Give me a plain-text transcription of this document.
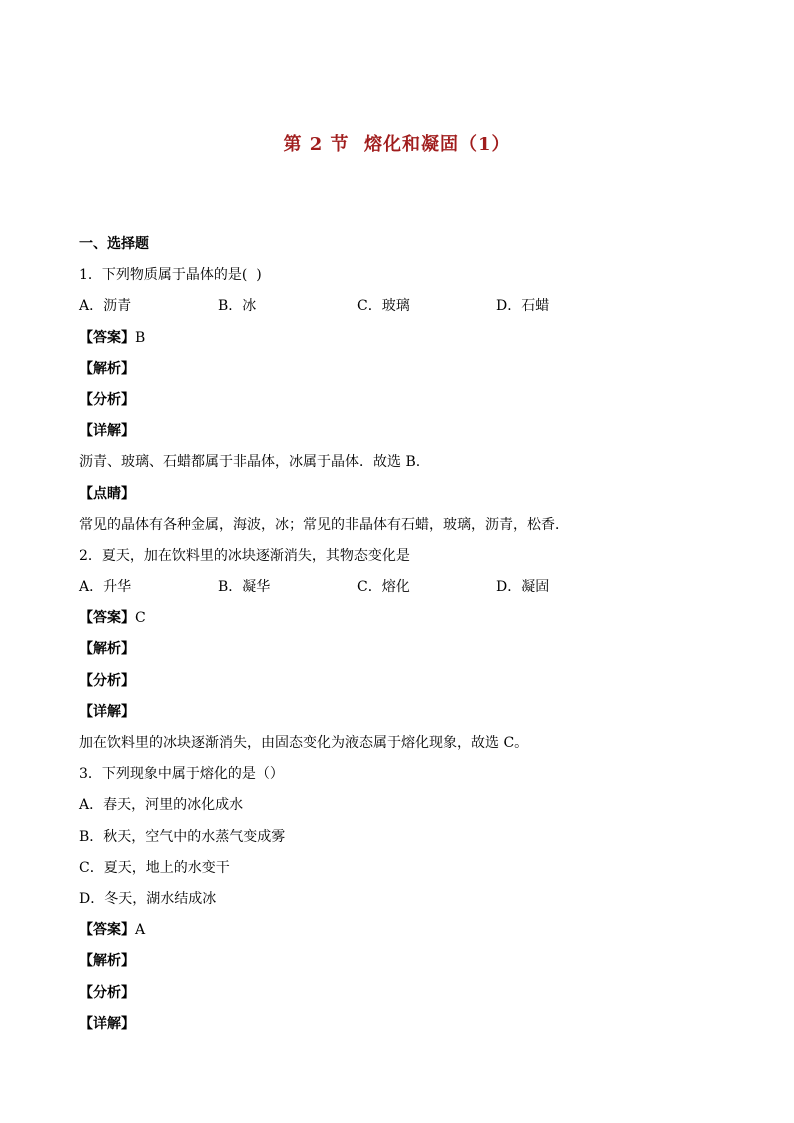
第 2 节  熔化和凝固（1）
一、选择题
1．下列物质属于晶体的是(  )
A．沥青	B．冰	C．玻璃	D．石蜡
【答案】B
【解析】
【分析】
【详解】
沥青、玻璃、石蜡都属于非晶体，冰属于晶体．故选 B.
【点睛】
常见的晶体有各种金属，海波，冰；常见的非晶体有石蜡，玻璃，沥青，松香．
2．夏天，加在饮料里的冰块逐渐消失，其物态变化是
A．升华	B．凝华	C．熔化	D．凝固
【答案】C
【解析】
【分析】
【详解】
加在饮料里的冰块逐渐消失，由固态变化为液态属于熔化现象，故选 C。
3．下列现象中属于熔化的是（）
A．春天，河里的冰化成水
B．秋天，空气中的水蒸气变成雾
C．夏天，地上的水变干
D．冬天，湖水结成冰
【答案】A
【解析】
【分析】
【详解】
